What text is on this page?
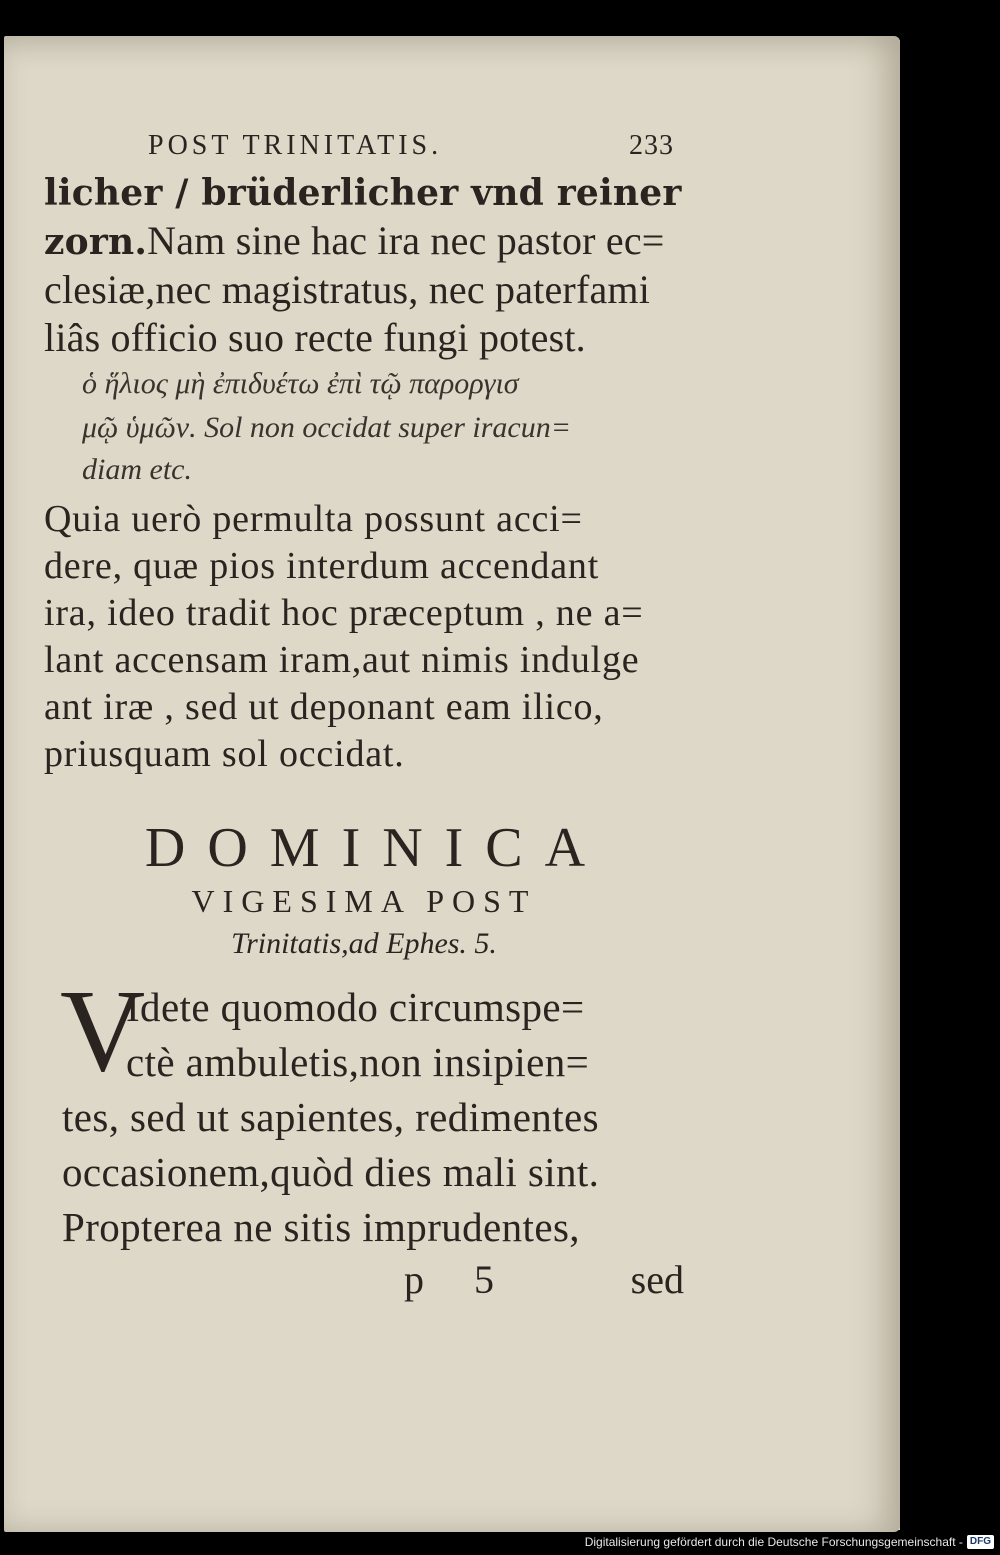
POST TRINITATIS.	233
licher / brüderlicher vnd reiner
zorn.Nam sine hac ira nec pastor ec=
clesiæ,nec magistratus, nec paterfami
liâs officio suo recte fungi potest.
ὁ ἥλιος μὴ ἐπιδυέτω ἐπὶ τῷ παροργισ
μῷ ὑμῶν. Sol non occidat super iracun=
diam etc.
Quia uerò permulta possunt acci=
dere, quæ pios interdum accendant
ira, ideo tradit hoc præceptum , ne a=
lant accensam iram,aut nimis indulge
ant iræ , sed ut deponant eam ilico,
priusquam sol occidat.
DOMINICA
VIGESIMA POST
Trinitatis,ad Ephes. 5.
V
Idete quomodo circumspe=
ctè ambuletis,non insipien=
tes, sed ut sapientes, redimentes
occasionem,quòd dies mali sint.
Propterea ne sitis imprudentes,
p 5	sed
Digitalisierung gefördert durch die Deutsche Forschungsgemeinschaft - DFG
